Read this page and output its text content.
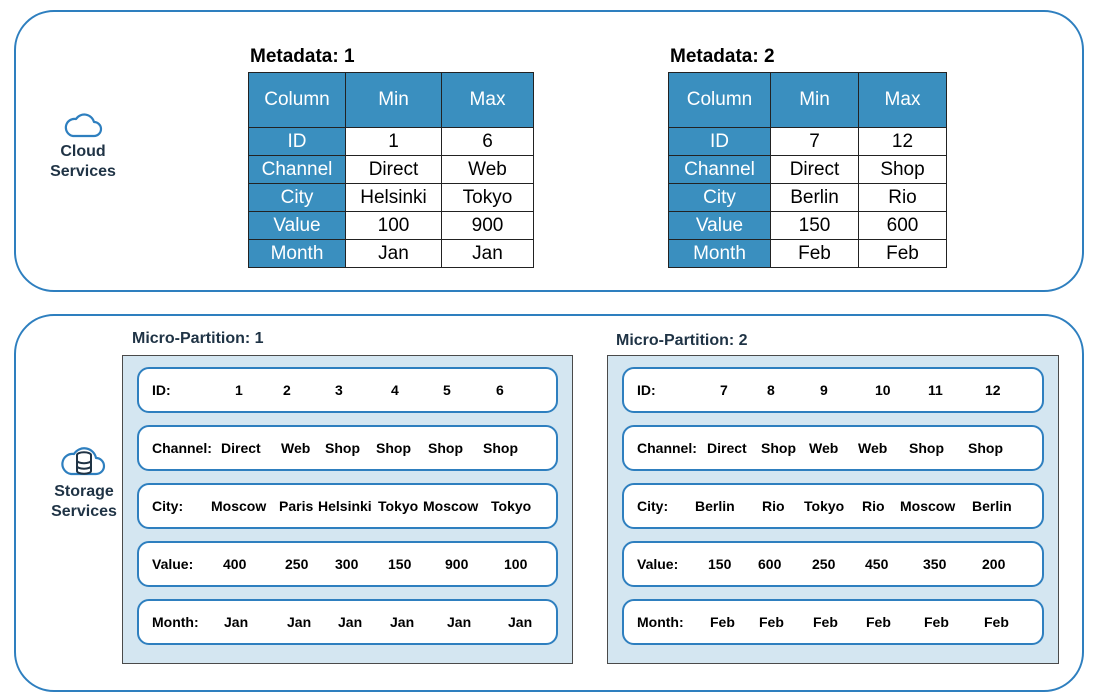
Cloud
Services
Metadata: 1
Column	Min	Max
ID	1	6
Channel	Direct	Web
City	Helsinki	Tokyo
Value	100	900
Month	Jan	Jan
Metadata: 2
Column	Min	Max
ID	7	12
Channel	Direct	Shop
City	Berlin	Rio
Value	150	600
Month	Feb	Feb
Storage
Services
Micro-Partition: 1
ID:	1	2	3	4	5	6
Channel: Direct Web Shop Shop Shop Shop
City: Moscow Paris Helsinki Tokyo Moscow Tokyo
Value: 400	250 300 150 900	100
Month: Jan	Jan Jan Jan Jan	Jan
Micro-Partition: 2
ID:	7	8	9	10	11	12
Channel: Direct Shop Web Web Shop Shop
City: Berlin Rio Tokyo Rio Moscow Berlin
Value: 150 600 250 450 350	200
Month: Feb Feb Feb Feb Feb	Feb
